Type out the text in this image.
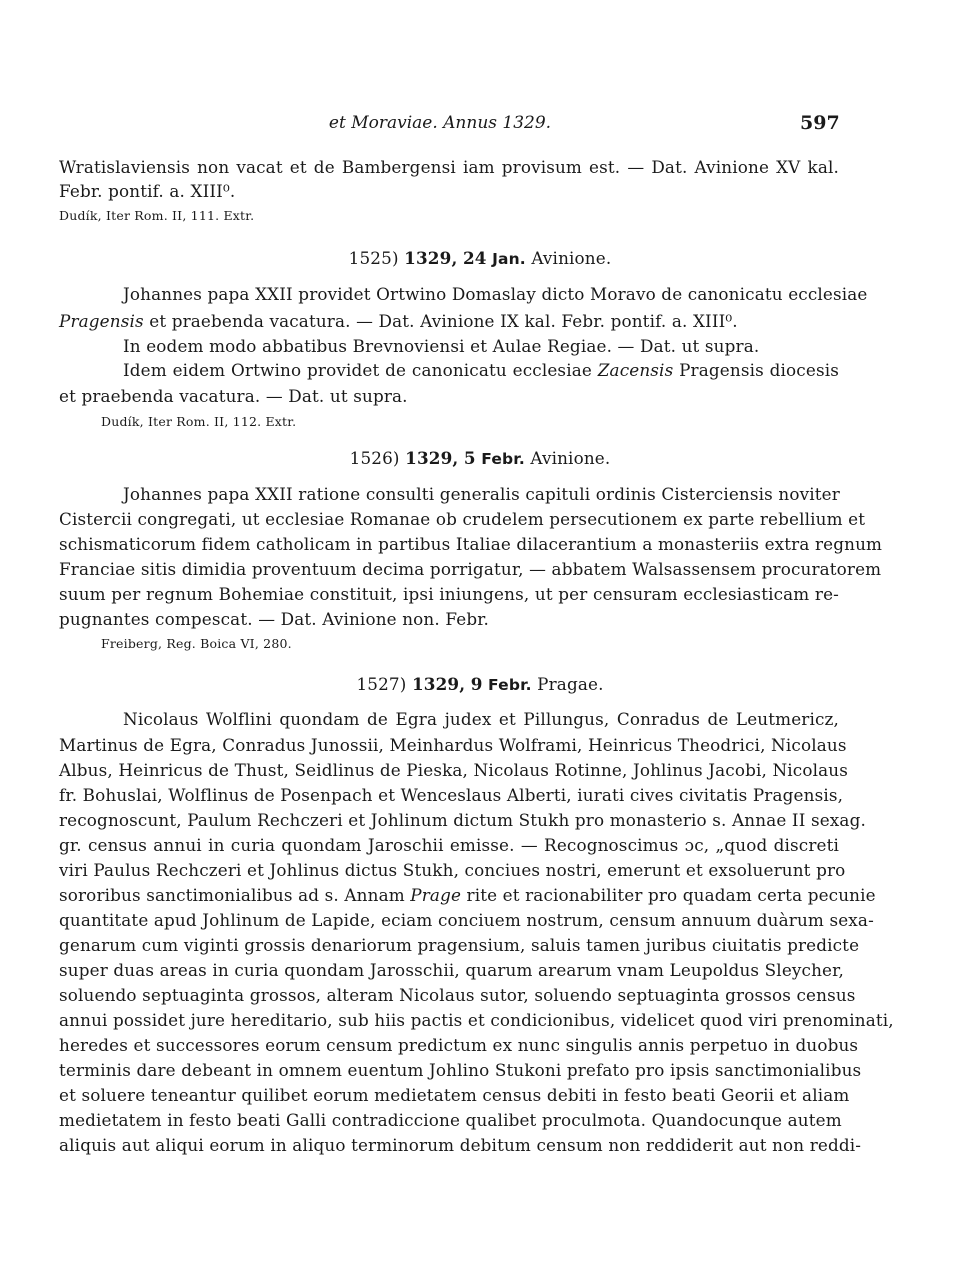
et Moraviae. Annus 1329.	597
Wratislaviensis non vacat et de Bambergensi iam provisum est. — Dat. Avinione XV kal.
Febr. pontif. a. XIII⁰.
Dudík, Iter Rom. II, 111. Extr.
1525) 1329, 24 Jan. Avinione.
Johannes papa XXII providet Ortwino Domaslay dicto Moravo de canonicatu ecclesiae
Pragensis et praebenda vacatura. — Dat. Avinione IX kal. Febr. pontif. a. XIII⁰.
In eodem modo abbatibus Brevnoviensi et Aulae Regiae. — Dat. ut supra.
Idem eidem Ortwino providet de canonicatu ecclesiae Zacensis Pragensis diocesis
et praebenda vacatura. — Dat. ut supra.
Dudík, Iter Rom. II, 112. Extr.
1526) 1329, 5 Febr. Avinione.
Johannes papa XXII ratione consulti generalis capituli ordinis Cisterciensis noviter
Cistercii congregati, ut ecclesiae Romanae ob crudelem persecutionem ex parte rebellium et
schismaticorum fidem catholicam in partibus Italiae dilacerantium a monasteriis extra regnum
Franciae sitis dimidia proventuum decima porrigatur, — abbatem Walsassensem procuratorem
suum per regnum Bohemiae constituit, ipsi iniungens, ut per censuram ecclesiasticam re-
pugnantes compescat. — Dat. Avinione non. Febr.
Freiberg, Reg. Boica VI, 280.
1527) 1329, 9 Febr. Pragae.
Nicolaus Wolflini quondam de Egra judex et Pillungus, Conradus de Leutmericz,
Martinus de Egra, Conradus Junossii, Meinhardus Wolframi, Heinricus Theodrici, Nicolaus
Albus, Heinricus de Thust, Seidlinus de Pieska, Nicolaus Rotinne, Johlinus Jacobi, Nicolaus
fr. Bohuslai, Wolflinus de Posenpach et Wenceslaus Alberti, iurati cives civitatis Pragensis,
recognoscunt, Paulum Rechczeri et Johlinum dictum Stukh pro monasterio s. Annae II sexag.
gr. census annui in curia quondam Jaroschii emisse. — Recognoscimus ɔc, „quod discreti
viri Paulus Rechczeri et Johlinus dictus Stukh, conciues nostri, emerunt et exsoluerunt pro
sororibus sanctimonialibus ad s. Annam Prage rite et racionabiliter pro quadam certa pecunie
quantitate apud Johlinum de Lapide, eciam conciuem nostrum, censum annuum duàrum sexa-
genarum cum viginti grossis denariorum pragensium, saluis tamen juribus ciuitatis predicte
super duas areas in curia quondam Jarosschii, quarum arearum vnam Leupoldus Sleycher,
soluendo septuaginta grossos, alteram Nicolaus sutor, soluendo septuaginta grossos census
annui possidet jure hereditario, sub hiis pactis et condicionibus, videlicet quod viri prenominati,
heredes et successores eorum censum predictum ex nunc singulis annis perpetuo in duobus
terminis dare debeant in omnem euentum Johlino Stukoni prefato pro ipsis sanctimonialibus
et soluere teneantur quilibet eorum medietatem census debiti in festo beati Georii et aliam
medietatem in festo beati Galli contradiccione qualibet proculmota. Quandocunque autem
aliquis aut aliqui eorum in aliquo terminorum debitum censum non reddiderit aut non reddi-
